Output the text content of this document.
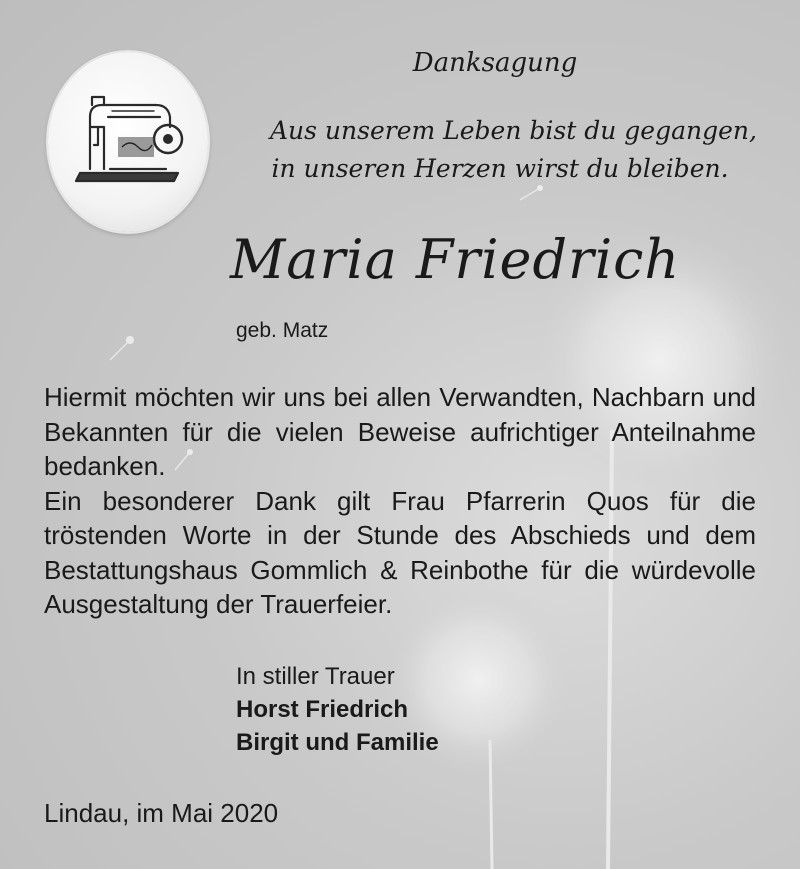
Danksagung
Aus unserem Leben bist du gegangen,
in unseren Herzen wirst du bleiben.
Maria Friedrich
geb. Matz

Hiermit möchten wir uns bei allen Verwandten, Nachbarn und Bekannten für die vielen Beweise aufrichtiger Anteilnahme bedanken.

Ein besonderer Dank gilt Frau Pfarrerin Quos für die tröstenden Worte in der Stunde des Abschieds und dem Bestattungshaus Gommlich & Reinbothe für die würdevolle Ausgestaltung der Trauerfeier.

In stiller Trauer
Horst Friedrich
Birgit und Familie
Lindau, im Mai 2020
